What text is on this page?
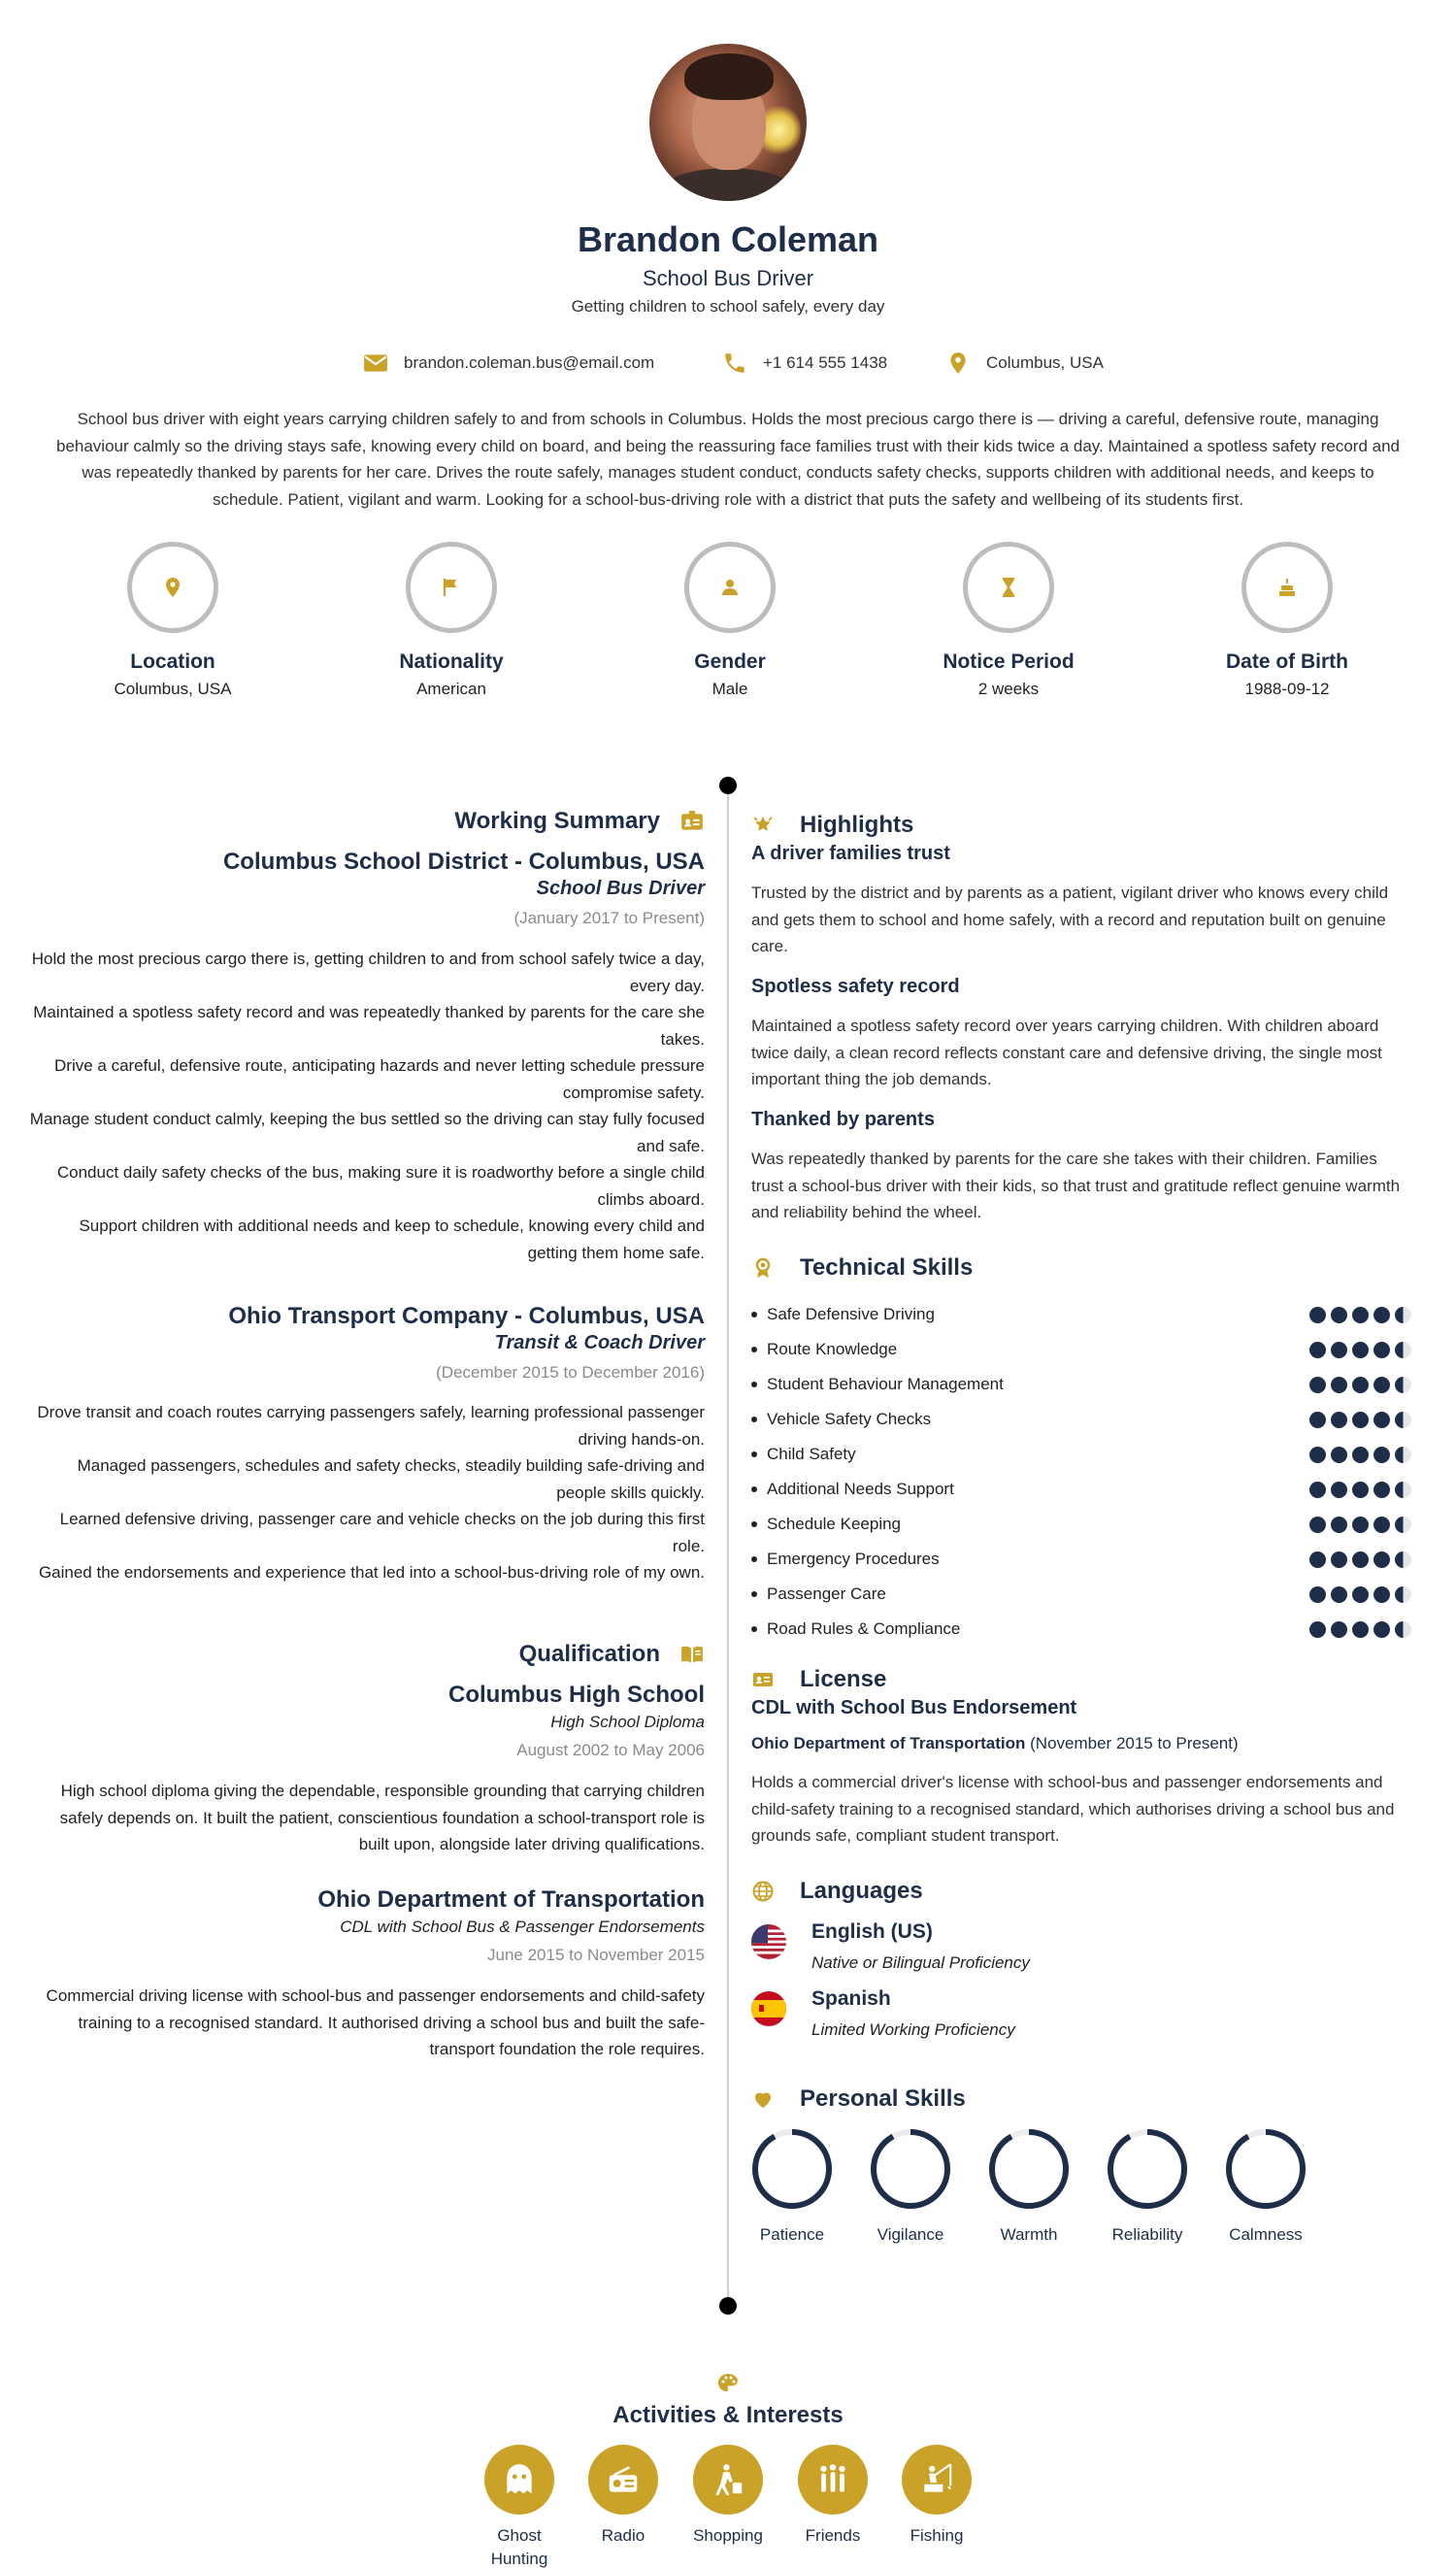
Brandon Coleman
School Bus Driver
Getting children to school safely, every day
brandon.coleman.bus@email.com	+1 614 555 1438	Columbus, USA

School bus driver with eight years carrying children safely to and from schools in Columbus. Holds the most precious cargo there is — driving a careful, defensive route, managing behaviour calmly so the driving stays safe, knowing every child on board, and being the reassuring face families trust with their kids twice a day. Maintained a spotless safety record and was repeatedly thanked by parents for her care. Drives the route safely, manages student conduct, conducts safety checks, supports children with additional needs, and keeps to schedule. Patient, vigilant and warm. Looking for a school-bus-driving role with a district that puts the safety and wellbeing of its students first.

Location
Columbus, USA
Nationality
American
Gender
Male
Notice Period
2 weeks
Date of Birth
1988-09-12
Working Summary
Columbus School District - Columbus, USA
School Bus Driver
(January 2017 to Present)
Hold the most precious cargo there is, getting children to and from school safely twice a day, every day.
Maintained a spotless safety record and was repeatedly thanked by parents for the care she takes.
Drive a careful, defensive route, anticipating hazards and never letting schedule pressure compromise safety.
Manage student conduct calmly, keeping the bus settled so the driving can stay fully focused and safe.
Conduct daily safety checks of the bus, making sure it is roadworthy before a single child climbs aboard.
Support children with additional needs and keep to schedule, knowing every child and getting them home safe.
Ohio Transport Company - Columbus, USA
Transit & Coach Driver
(December 2015 to December 2016)
Drove transit and coach routes carrying passengers safely, learning professional passenger driving hands-on.
Managed passengers, schedules and safety checks, steadily building safe-driving and people skills quickly.
Learned defensive driving, passenger care and vehicle checks on the job during this first role.
Gained the endorsements and experience that led into a school-bus-driving role of my own.
Qualification
Columbus High School
High School Diploma
August 2002 to May 2006
High school diploma giving the dependable, responsible grounding that carrying children safely depends on. It built the patient, conscientious foundation a school-transport role is built upon, alongside later driving qualifications.
Ohio Department of Transportation
CDL with School Bus & Passenger Endorsements
June 2015 to November 2015
Commercial driving license with school-bus and passenger endorsements and child-safety training to a recognised standard. It authorised driving a school bus and built the safe-transport foundation the role requires.
Highlights
A driver families trust
Trusted by the district and by parents as a patient, vigilant driver who knows every child and gets them to school and home safely, with a record and reputation built on genuine care.
Spotless safety record
Maintained a spotless safety record over years carrying children. With children aboard twice daily, a clean record reflects constant care and defensive driving, the single most important thing the job demands.
Thanked by parents
Was repeatedly thanked by parents for the care she takes with their children. Families trust a school-bus driver with their kids, so that trust and gratitude reflect genuine warmth and reliability behind the wheel.
Technical Skills
Safe Defensive Driving
Route Knowledge
Student Behaviour Management
Vehicle Safety Checks
Child Safety
Additional Needs Support
Schedule Keeping
Emergency Procedures
Passenger Care
Road Rules & Compliance
License
CDL with School Bus Endorsement
Ohio Department of Transportation (November 2015 to Present)
Holds a commercial driver's license with school-bus and passenger endorsements and child-safety training to a recognised standard, which authorises driving a school bus and grounds safe, compliant student transport.
Languages
English (US)
Native or Bilingual Proficiency
Spanish
Limited Working Proficiency
Personal Skills
Patience	Vigilance	Warmth	Reliability	Calmness
Activities & Interests
Ghost Hunting
Radio	Shopping	Friends	Fishing
